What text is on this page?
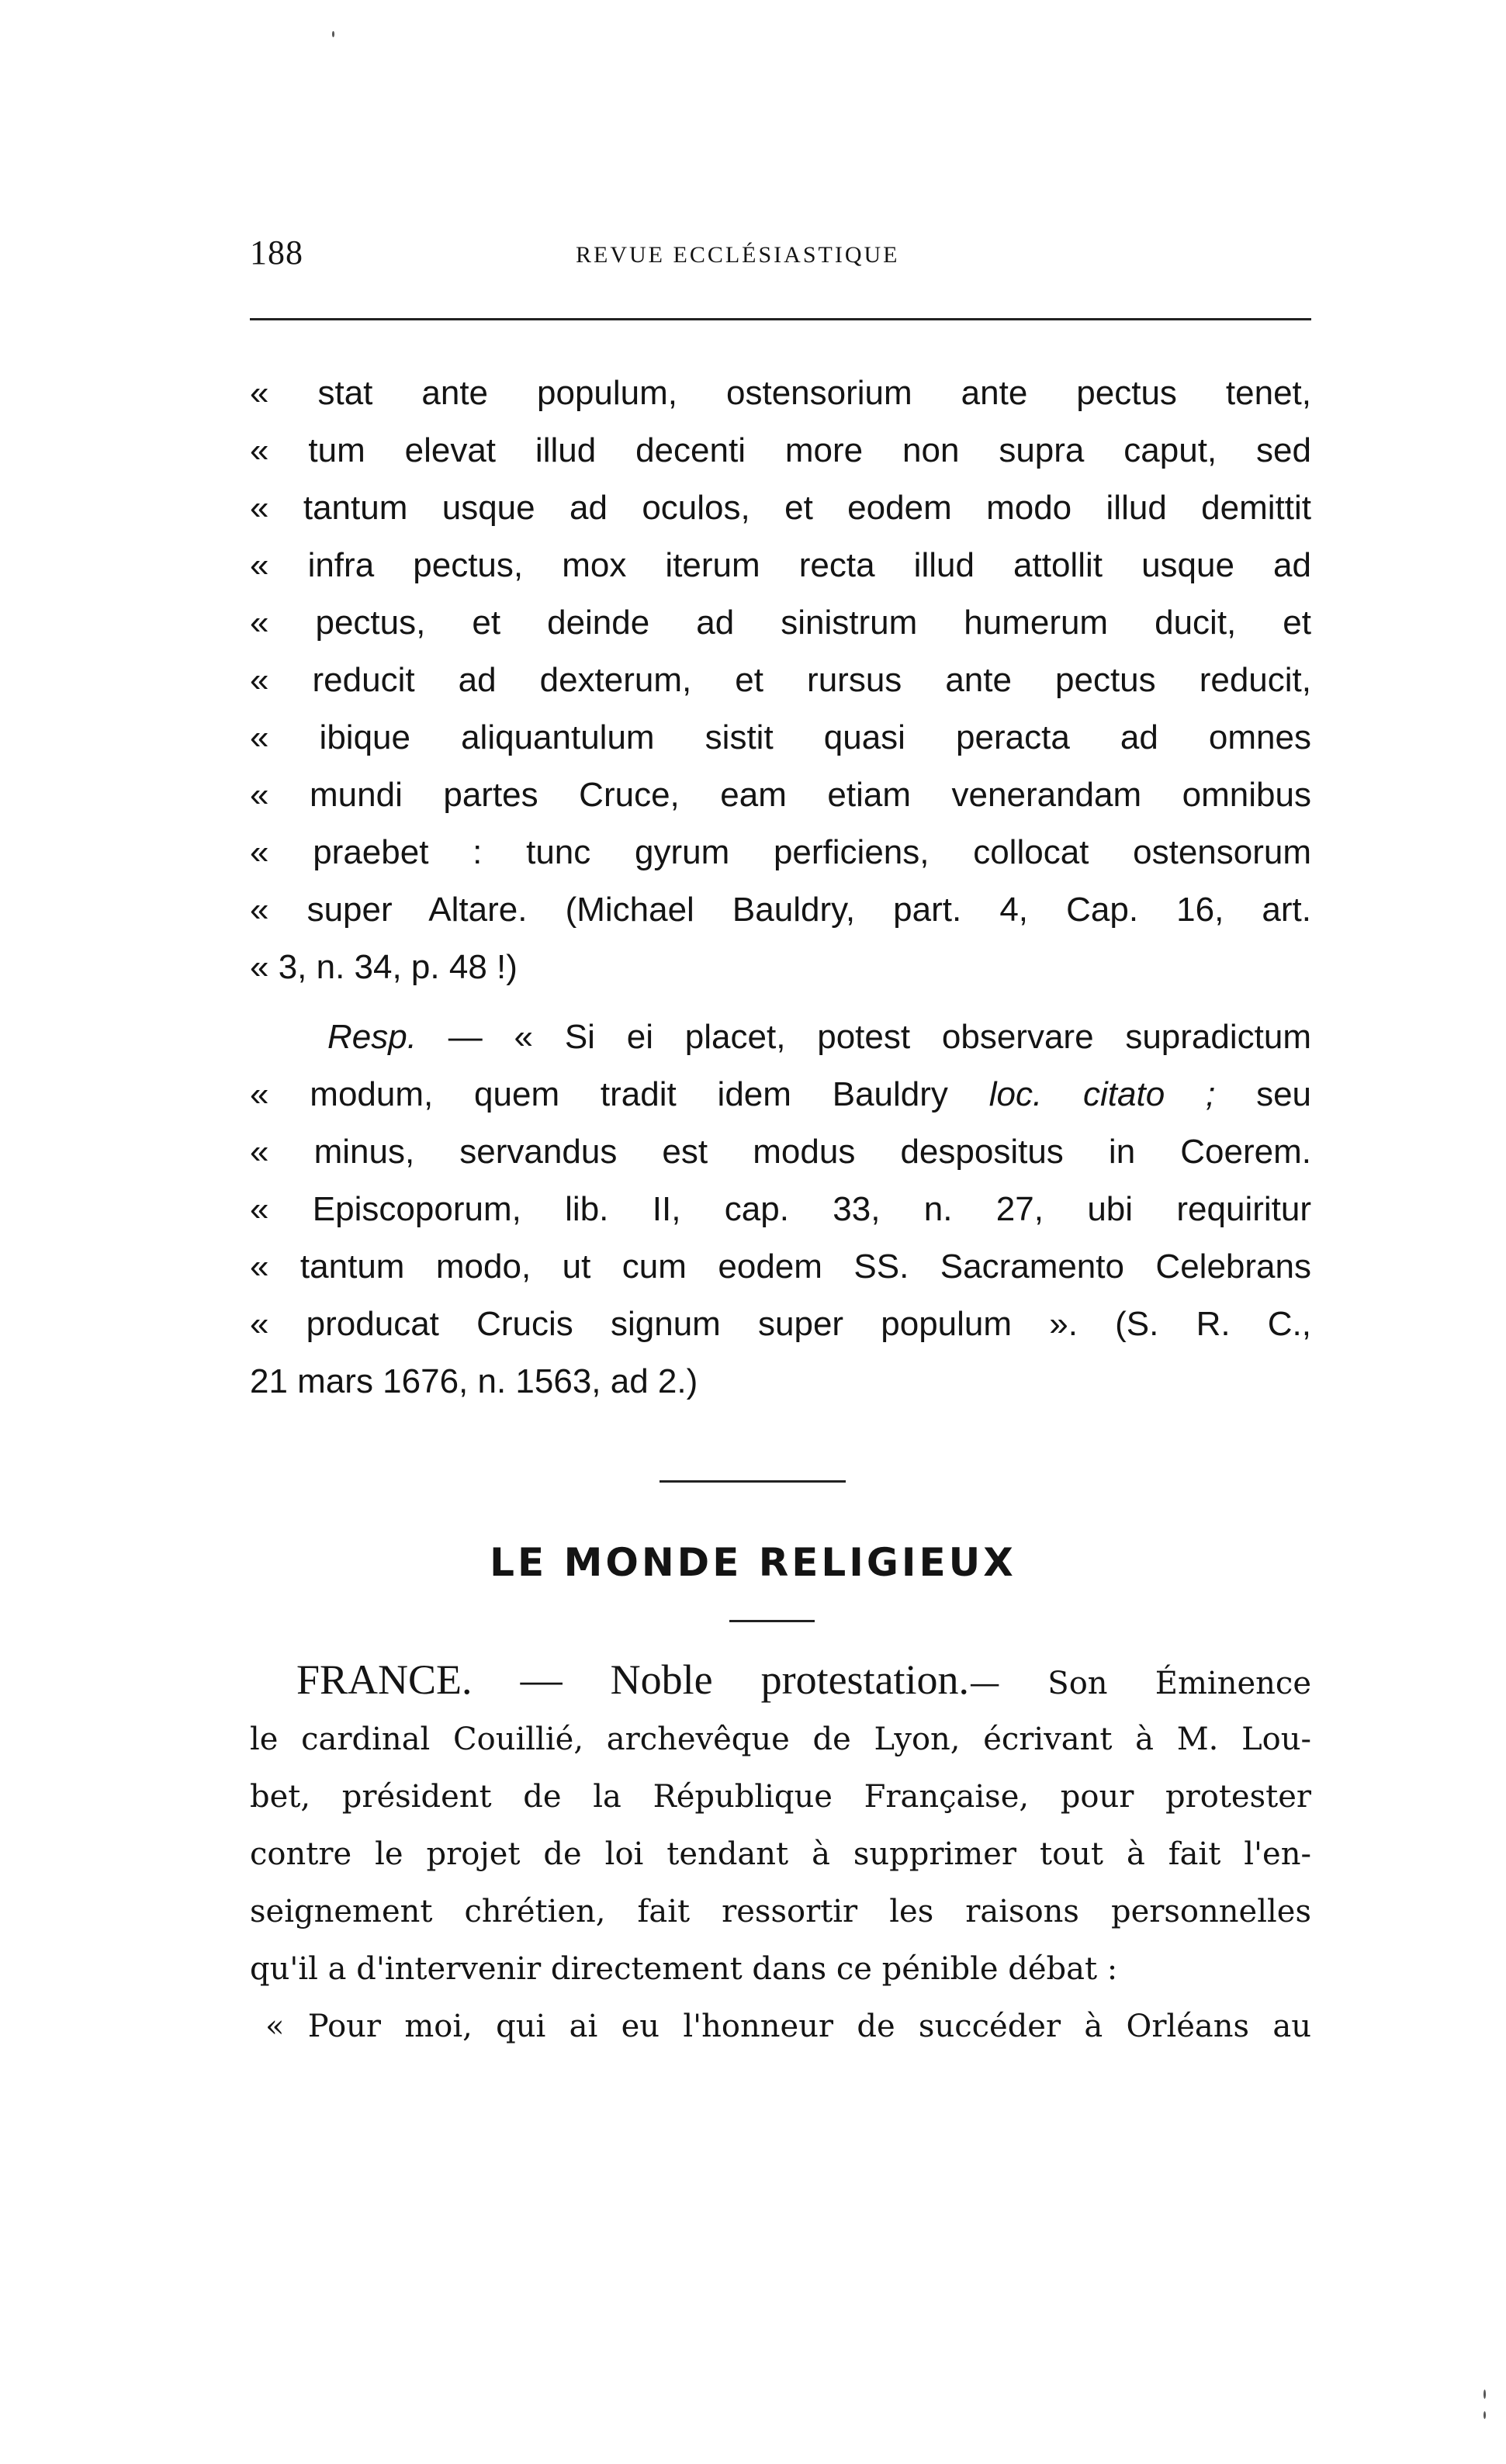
188	REVUE ECCLÉSIASTIQUE
« stat ante populum, ostensorium ante pectus tenet,
« tum elevat illud decenti more non supra caput, sed
« tantum usque ad oculos, et eodem modo illud demittit
« infra pectus, mox iterum recta illud attollit usque ad
« pectus, et deinde ad sinistrum humerum ducit, et
« reducit ad dexterum, et rursus ante pectus reducit,
« ibique aliquantulum sistit quasi peracta ad omnes
« mundi partes Cruce, eam etiam venerandam omnibus
« praebet : tunc gyrum perficiens, collocat ostensorum
« super Altare. (Michael Bauldry, part. 4, Cap. 16, art.
« 3, n. 34, p. 48 !)
Resp. — « Si ei placet, potest observare supradictum
« modum, quem tradit idem Bauldry loc. citato ; seu
« minus, servandus est modus despositus in Coerem.
« Episcoporum, lib. II, cap. 33, n. 27, ubi requiritur
« tantum modo, ut cum eodem SS. Sacramento Celebrans
« producat Crucis signum super populum ». (S. R. C.,
21 mars 1676, n. 1563, ad 2.)
LE MONDE RELIGIEUX
FRANCE. — Noble protestation.— Son Éminence
le cardinal Couillié, archevêque de Lyon, écrivant à M. Lou-
bet, président de la République Française, pour protester
contre le projet de loi tendant à supprimer tout à fait l'en-
seignement chrétien, fait ressortir les raisons personnelles
qu'il a d'intervenir directement dans ce pénible débat :
« Pour moi, qui ai eu l'honneur de succéder à Orléans au
